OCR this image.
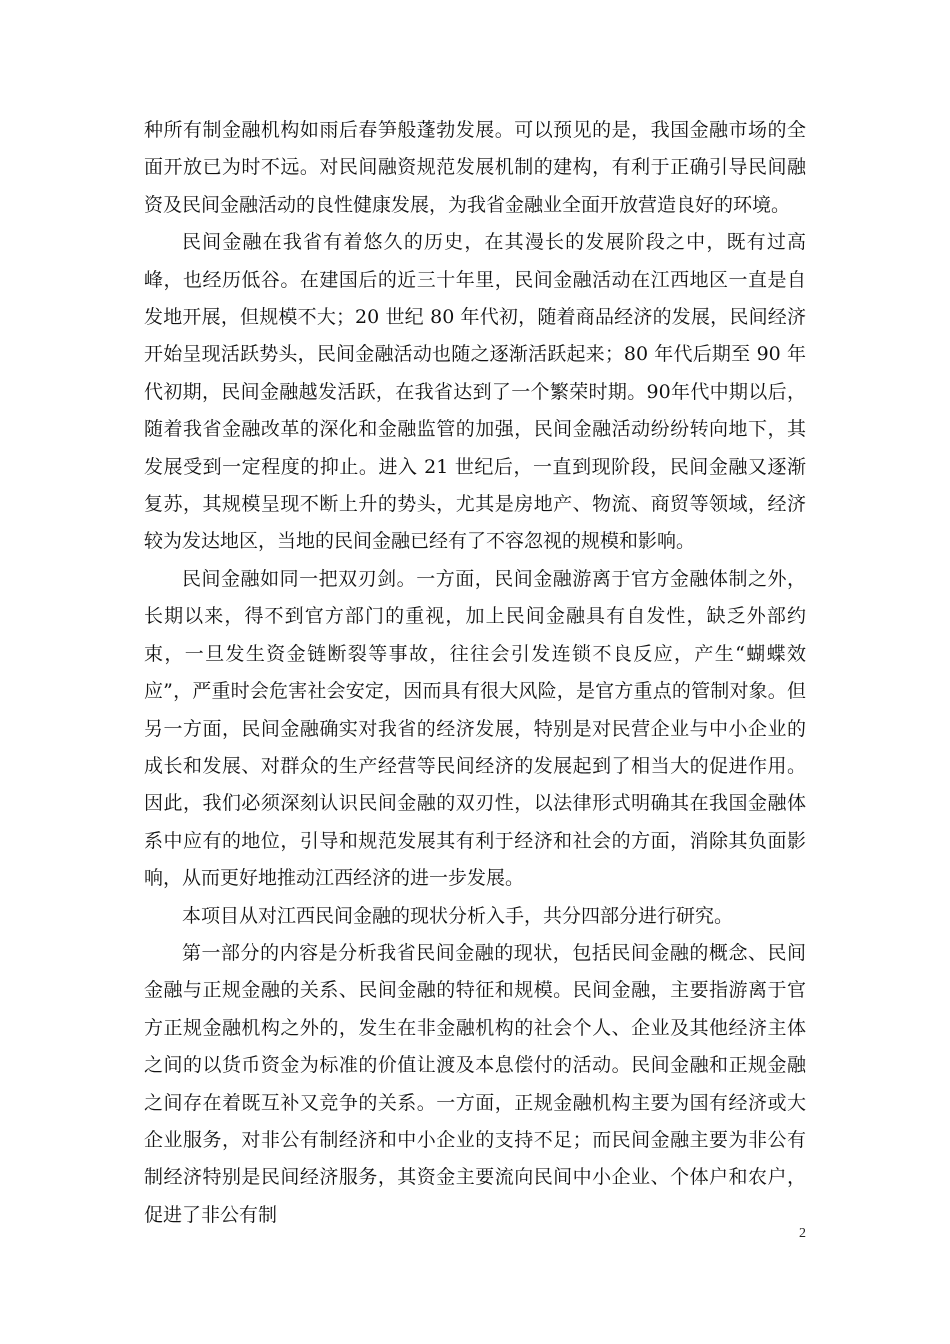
种所有制金融机构如雨后春笋般蓬勃发展。可以预见的是，我国金融市场的全面开放已为时不远。对民间融资规范发展机制的建构，有利于正确引导民间融资及民间金融活动的良性健康发展，为我省金融业全面开放营造良好的环境。

民间金融在我省有着悠久的历史，在其漫长的发展阶段之中，既有过高峰，也经历低谷。在建国后的近三十年里，民间金融活动在江西地区一直是自发地开展，但规模不大；20 世纪 80 年代初，随着商品经济的发展，民间经济开始呈现活跃势头，民间金融活动也随之逐渐活跃起来；80 年代后期至 90 年代初期，民间金融越发活跃，在我省达到了一个繁荣时期。90年代中期以后，随着我省金融改革的深化和金融监管的加强，民间金融活动纷纷转向地下，其发展受到一定程度的抑止。进入 21 世纪后，一直到现阶段，民间金融又逐渐复苏，其规模呈现不断上升的势头，尤其是房地产、物流、商贸等领域，经济较为发达地区，当地的民间金融已经有了不容忽视的规模和影响。

民间金融如同一把双刃剑。一方面，民间金融游离于官方金融体制之外，长期以来，得不到官方部门的重视，加上民间金融具有自发性，缺乏外部约束，一旦发生资金链断裂等事故，往往会引发连锁不良反应，产生“蝴蝶效应”，严重时会危害社会安定，因而具有很大风险，是官方重点的管制对象。但另一方面，民间金融确实对我省的经济发展，特别是对民营企业与中小企业的成长和发展、对群众的生产经营等民间经济的发展起到了相当大的促进作用。因此，我们必须深刻认识民间金融的双刃性，以法律形式明确其在我国金融体系中应有的地位，引导和规范发展其有利于经济和社会的方面，消除其负面影响，从而更好地推动江西经济的进一步发展。

本项目从对江西民间金融的现状分析入手，共分四部分进行研究。

第一部分的内容是分析我省民间金融的现状，包括民间金融的概念、民间金融与正规金融的关系、民间金融的特征和规模。民间金融，主要指游离于官方正规金融机构之外的，发生在非金融机构的社会个人、企业及其他经济主体之间的以货币资金为标准的价值让渡及本息偿付的活动。民间金融和正规金融之间存在着既互补又竞争的关系。一方面，正规金融机构主要为国有经济或大企业服务，对非公有制经济和中小企业的支持不足；而民间金融主要为非公有制经济特别是民间经济服务，其资金主要流向民间中小企业、个体户和农户，促进了非公有制

2
